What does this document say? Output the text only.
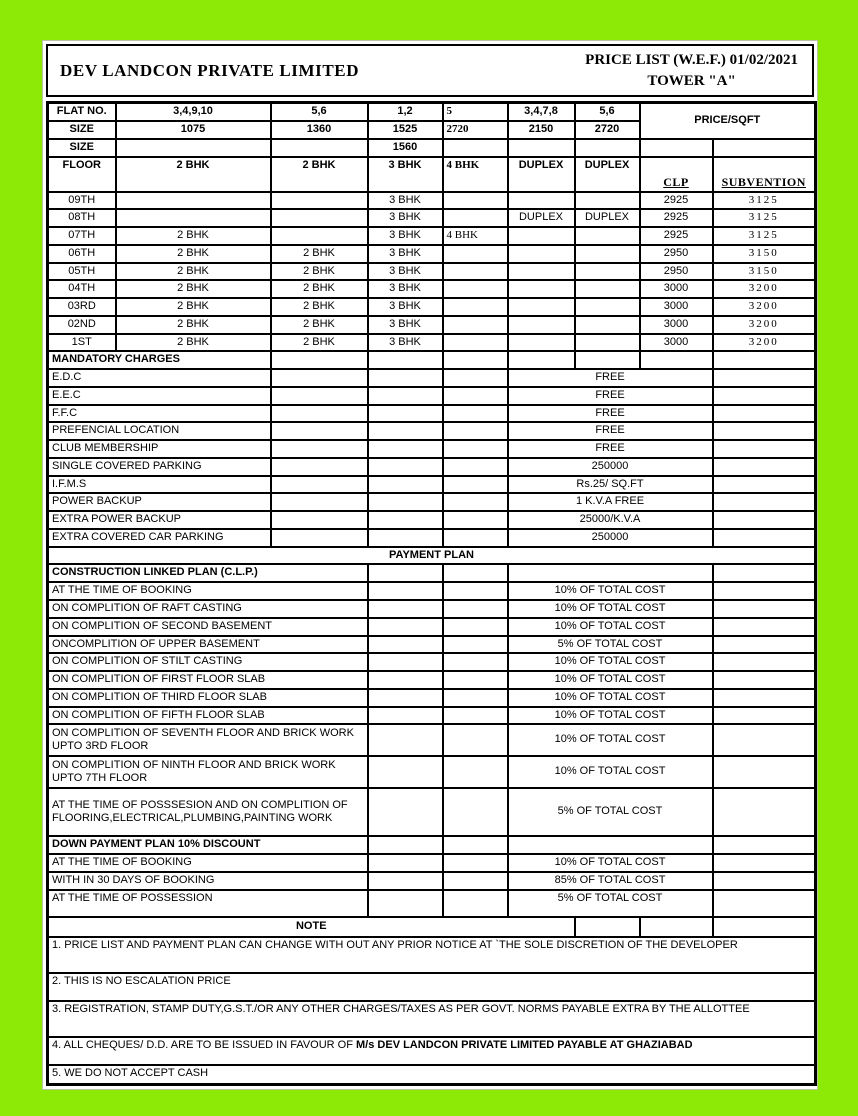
DEV LANDCON PRIVATE LIMITED
PRICE LIST (W.E.F.) 01/02/2021
TOWER "A"
FLAT NO.	3,4,9,10	5,6	1,2	5	3,4,7,8	5,6	PRICE/SQFT	
SIZE	1075	1360	1525	2720	2150	2720		
SIZE			1560					
FLOOR	2 BHK	2 BHK	3 BHK	4 BHK	DUPLEX	DUPLEX	CLP	SUBVENTION
09TH			3 BHK				2925	3125
08TH			3 BHK		DUPLEX	DUPLEX	2925	3125
07TH	2 BHK		3 BHK	4 BHK			2925	3125
06TH	2 BHK	2 BHK	3 BHK				2950	3150
05TH	2 BHK	2 BHK	3 BHK				2950	3150
04TH	2 BHK	2 BHK	3 BHK				3000	3200
03RD	2 BHK	2 BHK	3 BHK				3000	3200
02ND	2 BHK	2 BHK	3 BHK				3000	3200
1ST	2 BHK	2 BHK	3 BHK				3000	3200
MANDATORY CHARGES								
E.D.C					FREE			
E.E.C					FREE			
F.F.C					FREE			
PREFENCIAL LOCATION					FREE			
CLUB MEMBERSHIP					FREE			
SINGLE COVERED PARKING					250000			
I.F.M.S					Rs.25/ SQ.FT			
POWER BACKUP					1 K.V.A FREE			
EXTRA POWER BACKUP					25000/K.V.A			
EXTRA COVERED CAR PARKING					250000			
PAYMENT PLAN								
CONSTRUCTION LINKED PLAN (C.L.P.)								
AT THE TIME OF BOOKING					10% OF TOTAL COST			
ON COMPLITION OF RAFT CASTING					10% OF TOTAL COST			
ON COMPLITION OF SECOND BASEMENT					10% OF TOTAL COST			
ONCOMPLITION OF UPPER BASEMENT					5% OF TOTAL COST			
ON COMPLITION OF STILT CASTING					10% OF TOTAL COST			
ON COMPLITION OF FIRST FLOOR SLAB					10% OF TOTAL COST			
ON COMPLITION OF THIRD FLOOR SLAB					10% OF TOTAL COST			
ON COMPLITION OF FIFTH FLOOR SLAB					10% OF TOTAL COST			
ON COMPLITION OF SEVENTH FLOOR AND BRICK WORK UPTO 3RD FLOOR					10% OF TOTAL COST			
ON COMPLITION OF NINTH FLOOR AND BRICK WORK UPTO 7TH FLOOR					10% OF TOTAL COST			
AT THE TIME OF POSSSESION AND ON COMPLITION OF FLOORING,ELECTRICAL,PLUMBING,PAINTING WORK					5% OF TOTAL COST			
DOWN PAYMENT PLAN 10% DISCOUNT								
AT THE TIME OF BOOKING					10% OF TOTAL COST			
WITH IN 30 DAYS OF BOOKING					85% OF TOTAL COST			
AT THE TIME OF POSSESSION					5% OF TOTAL COST			
NOTE								
1. PRICE LIST AND PAYMENT PLAN CAN CHANGE WITH OUT ANY PRIOR NOTICE AT `THE SOLE DISCRETION OF THE DEVELOPER								
2. THIS IS NO ESCALATION PRICE								
3. REGISTRATION, STAMP DUTY,G.S.T./OR ANY OTHER CHARGES/TAXES AS PER GOVT. NORMS PAYABLE EXTRA BY THE ALLOTTEE								
4. ALL CHEQUES/ D.D. ARE TO BE ISSUED IN FAVOUR OF M/s DEV LANDCON PRIVATE LIMITED PAYABLE AT GHAZIABAD								
5. WE DO NOT ACCEPT CASH								
